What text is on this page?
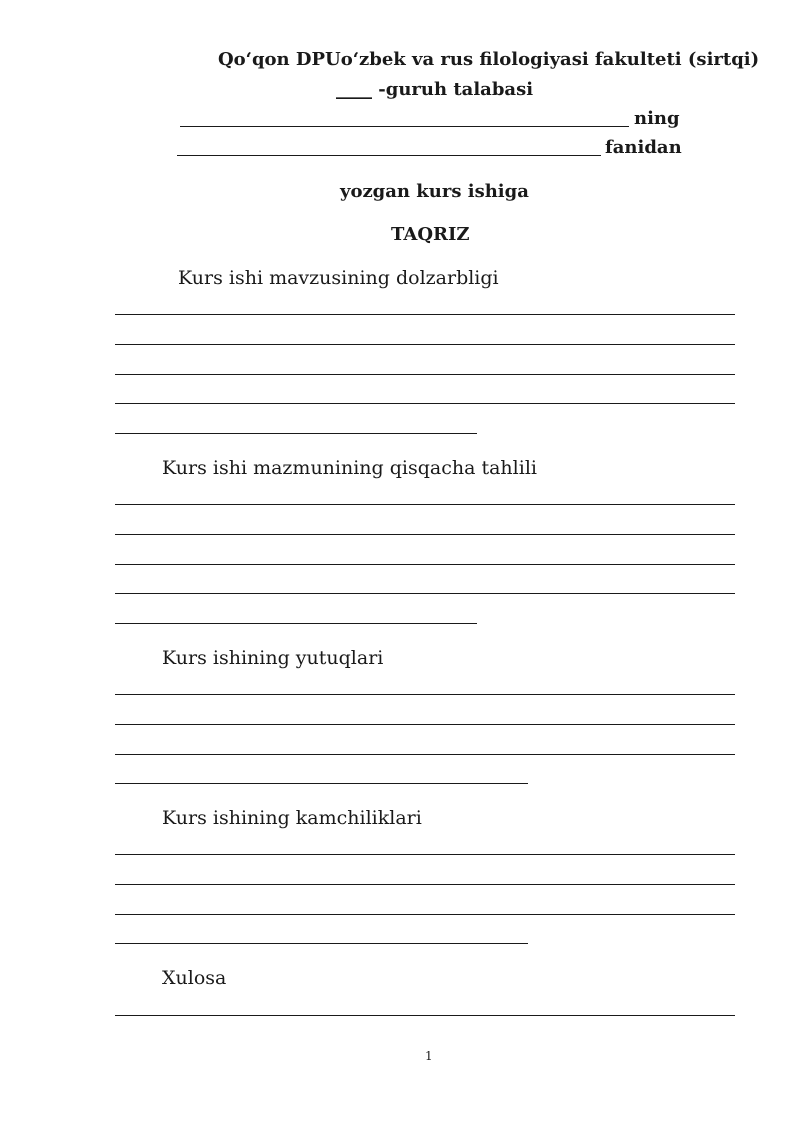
Qo‘qon DPUo‘zbek va rus filologiyasi fakulteti (sirtqi)
____ -guruh talabasi
ning
fanidan
yozgan kurs ishiga
TAQRIZ
Kurs ishi mavzusining dolzarbligi
Kurs ishi mazmunining qisqacha tahlili
Kurs ishining yutuqlari
Kurs ishining kamchiliklari
Xulosa
1
